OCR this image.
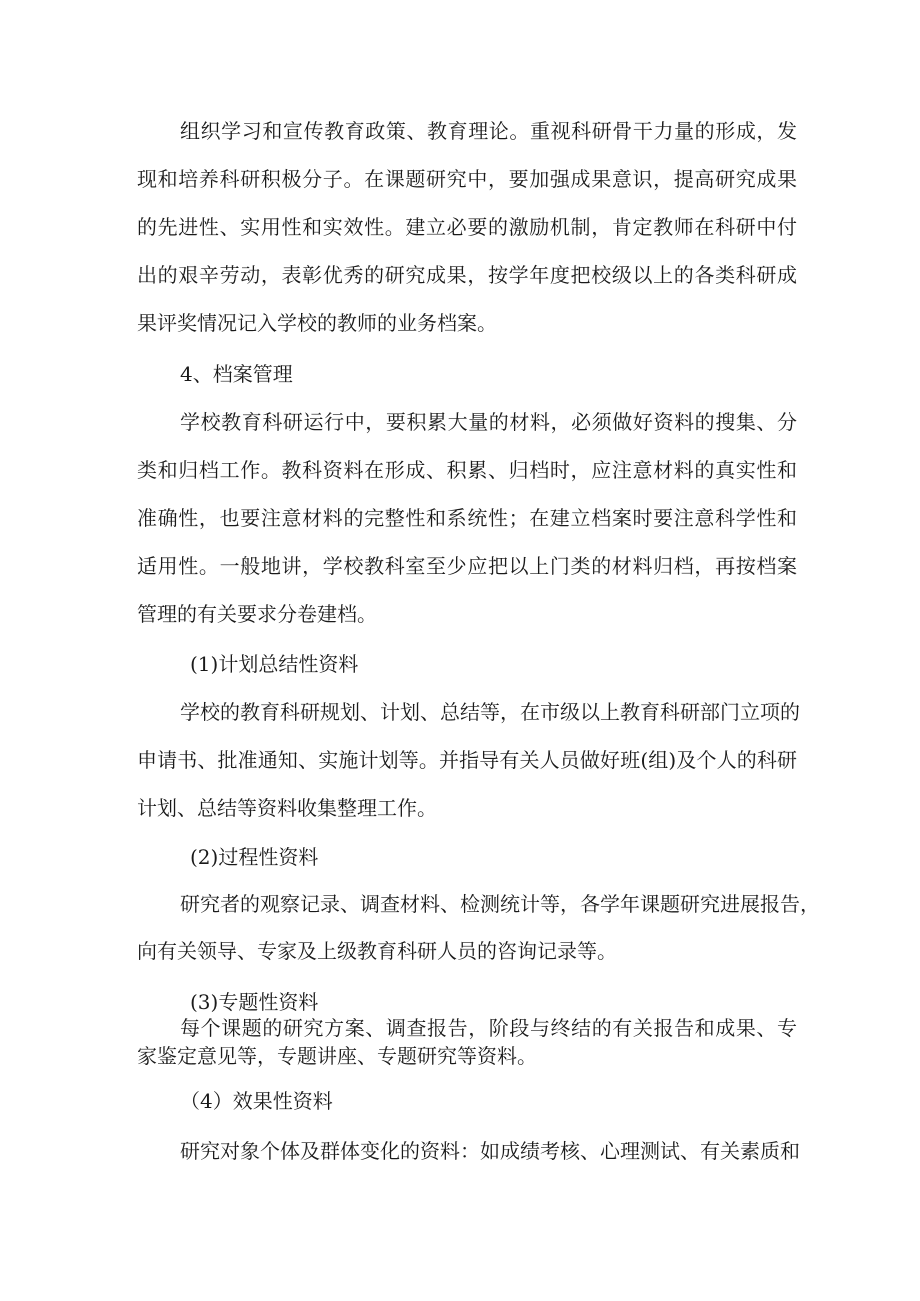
组织学习和宣传教育政策、教育理论。重视科研骨干力量的形成，发
现和培养科研积极分子。在课题研究中，要加强成果意识，提高研究成果
的先进性、实用性和实效性。建立必要的激励机制，肯定教师在科研中付
出的艰辛劳动，表彰优秀的研究成果，按学年度把校级以上的各类科研成
果评奖情况记入学校的教师的业务档案。
4、档案管理
学校教育科研运行中，要积累大量的材料，必须做好资料的搜集、分
类和归档工作。教科资料在形成、积累、归档时，应注意材料的真实性和
准确性，也要注意材料的完整性和系统性；在建立档案时要注意科学性和
适用性。一般地讲，学校教科室至少应把以上门类的材料归档，再按档案
管理的有关要求分卷建档。
(1)计划总结性资料
学校的教育科研规划、计划、总结等，在市级以上教育科研部门立项的
申请书、批准通知、实施计划等。并指导有关人员做好班(组)及个人的科研
计划、总结等资料收集整理工作。
(2)过程性资料
研究者的观察记录、调查材料、检测统计等，各学年课题研究进展报告，
向有关领导、专家及上级教育科研人员的咨询记录等。
(3)专题性资料
每个课题的研究方案、调查报告，阶段与终结的有关报告和成果、专
家鉴定意见等，专题讲座、专题研究等资料。
（4）效果性资料
研究对象个体及群体变化的资料：如成绩考核、心理测试、有关素质和
